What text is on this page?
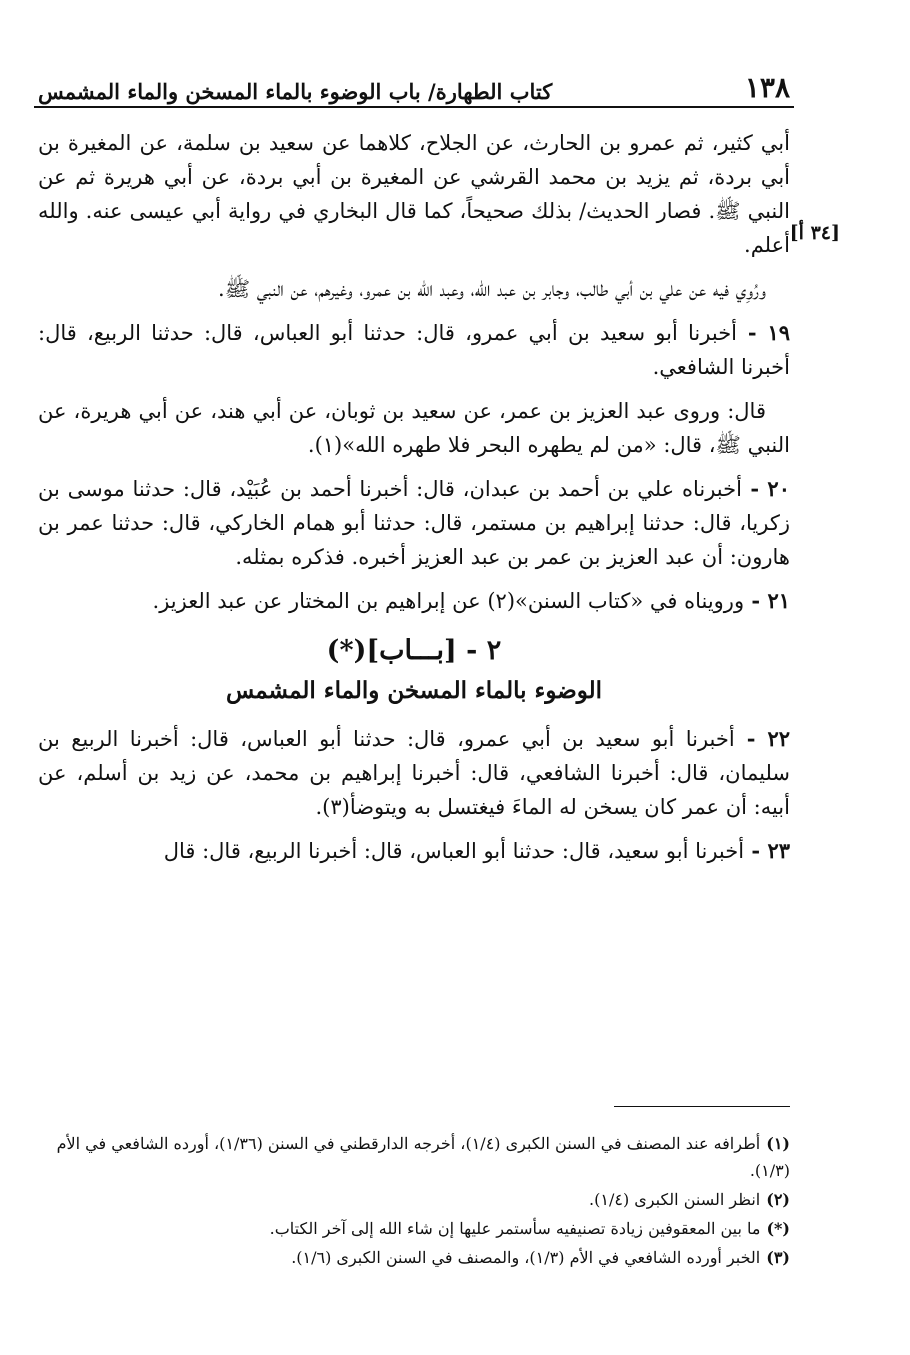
١٣٨
كتاب الطهارة/ باب الوضوء بالماء المسخن والماء المشمس
[٣٤ أ]

أبي كثير، ثم عمرو بن الحارث، عن الجلاح، كلاهما عن سعيد بن سلمة، عن المغيرة بن أبي بردة، ثم يزيد بن محمد القرشي عن المغيرة بن أبي بردة، عن أبي هريرة ثم عن النبي ﷺ. فصار الحديث/ بذلك صحيحاً، كما قال البخاري في رواية أبي عيسى عنه. والله أعلم.

ورُوِي فيه عن علي بن أبي طالب، وجابر بن عبد الله، وعبد الله بن عمرو، وغيرهم، عن النبي ﷺ.

١٩ - أخبرنا أبو سعيد بن أبي عمرو، قال: حدثنا أبو العباس، قال: حدثنا الربيع، قال: أخبرنا الشافعي.

قال: وروى عبد العزيز بن عمر، عن سعيد بن ثوبان، عن أبي هند، عن أبي هريرة، عن النبي ﷺ، قال: «من لم يطهره البحر فلا طهره الله»(١).

٢٠ - أخبرناه علي بن أحمد بن عبدان، قال: أخبرنا أحمد بن عُبَيْد، قال: حدثنا موسى بن زكريا، قال: حدثنا إبراهيم بن مستمر، قال: حدثنا أبو همام الخاركي، قال: حدثنا عمر بن هارون: أن عبد العزيز بن عمر بن عبد العزيز أخبره. فذكره بمثله.

٢١ - ورويناه في «كتاب السنن»(٢) عن إبراهيم بن المختار عن عبد العزيز.

٢ - [بـــاب](*)
الوضوء بالماء المسخن والماء المشمس

٢٢ - أخبرنا أبو سعيد بن أبي عمرو، قال: حدثنا أبو العباس، قال: أخبرنا الربيع بن سليمان، قال: أخبرنا الشافعي، قال: أخبرنا إبراهيم بن محمد، عن زيد بن أسلم، عن أبيه: أن عمر كان يسخن له الماءَ فيغتسل به ويتوضأ(٣).

٢٣ - أخبرنا أبو سعيد، قال: حدثنا أبو العباس، قال: أخبرنا الربيع، قال: قال

(١)أطرافه عند المصنف في السنن الكبرى (١/٤)، أخرجه الدارقطني في السنن (١/٣٦)، أورده الشافعي في الأم (١/٣).
(٢)انظر السنن الكبرى (١/٤).
(*)ما بين المعقوفين زيادة تصنيفيه سأستمر عليها إن شاء الله إلى آخر الكتاب.
(٣)الخبر أورده الشافعي في الأم (١/٣)، والمصنف في السنن الكبرى (١/٦).
